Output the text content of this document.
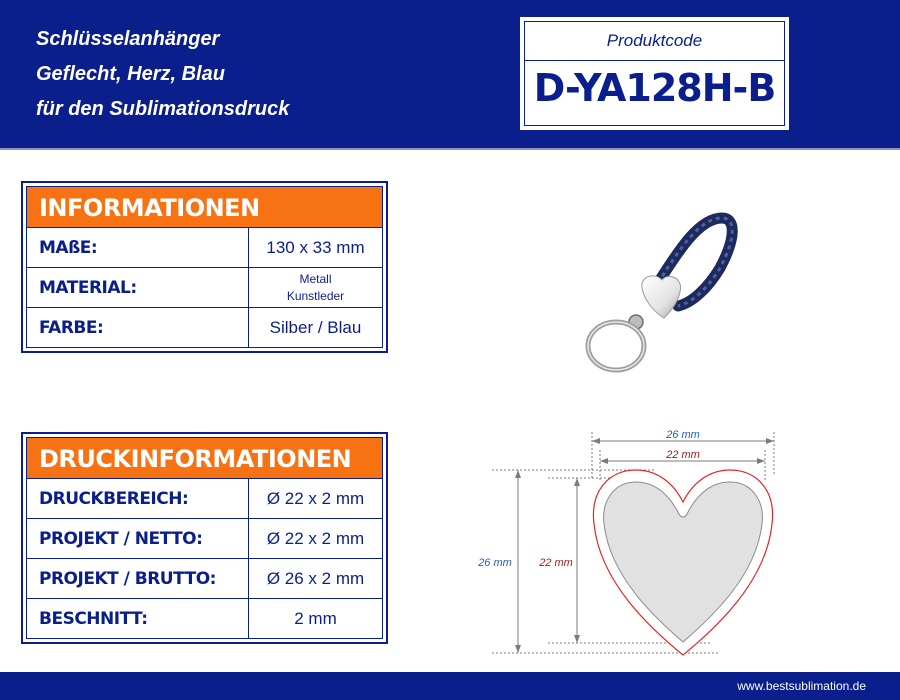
Schlüsselanhänger
Geflecht, Herz, Blau
für den Sublimationsdruck
Produktcode
D-YA128H-B
INFORMATIONEN
MAßE:	130 x 33 mm
MATERIAL:	Metall
Kunstleder
FARBE:	Silber / Blau
DRUCKINFORMATIONEN
DRUCKBEREICH:	Ø 22 x 2 mm
PROJEKT / NETTO:	Ø 22 x 2 mm
PROJEKT / BRUTTO:	Ø 26 x 2 mm
BESCHNITT:	2 mm
26 mm
22 mm
26 mm 22 mm
www.bestsublimation.de
